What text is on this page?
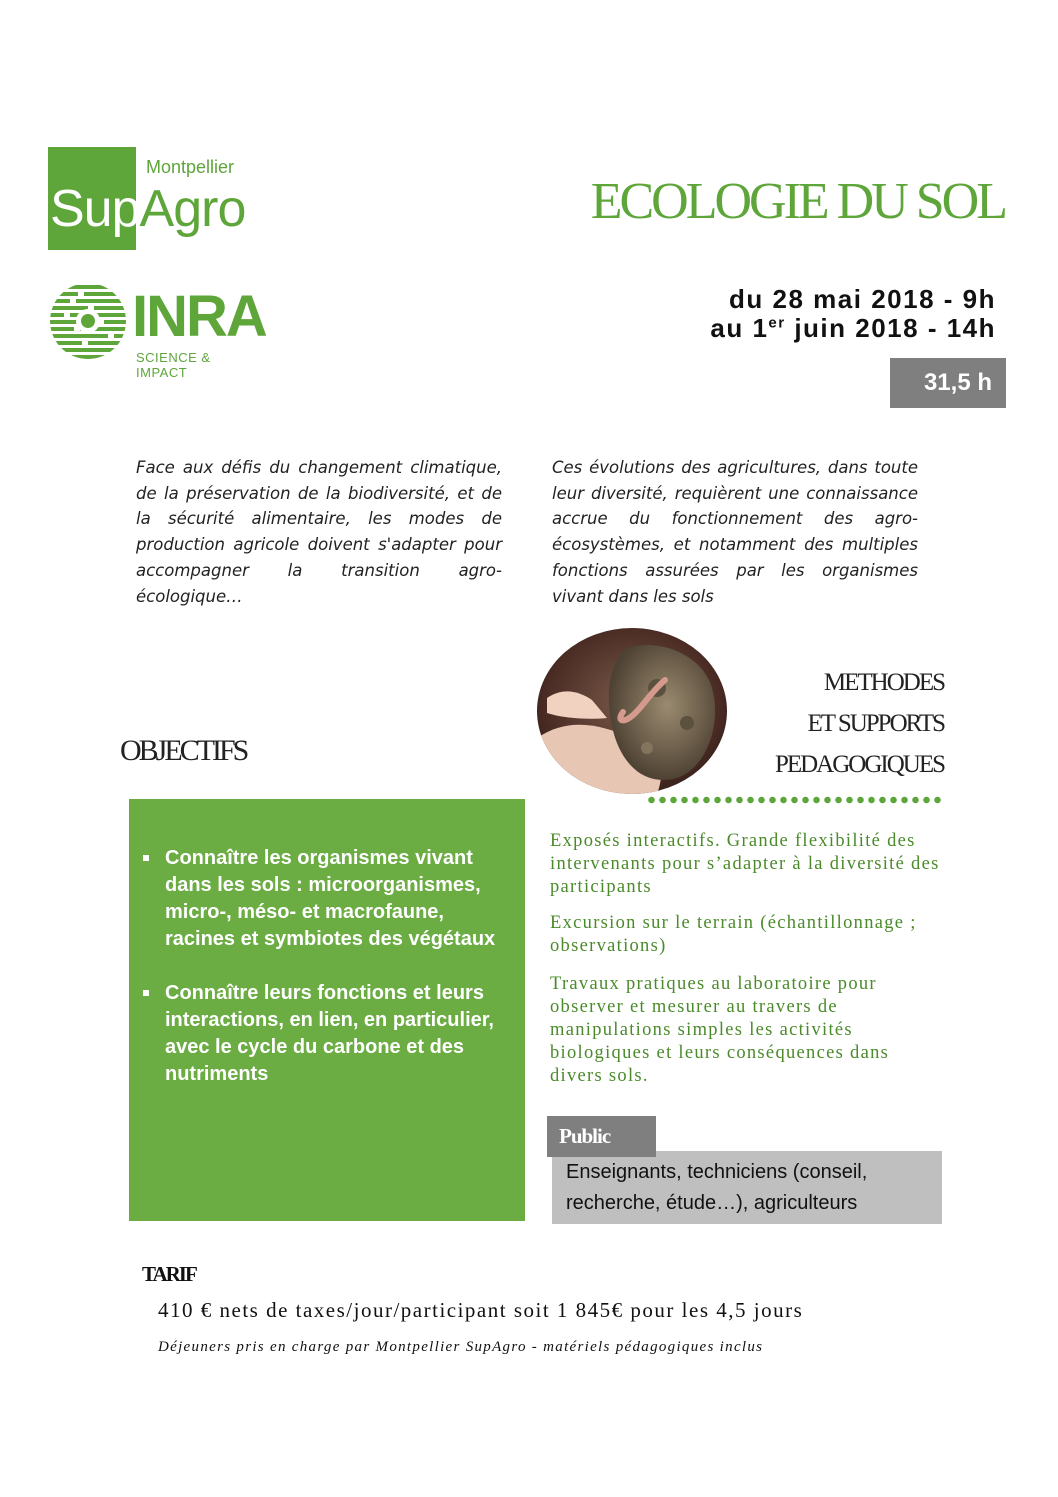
Montpellier
SupAgro
INRA
SCIENCE & IMPACT
ECOLOGIE DU SOL
du 28 mai 2018 - 9h
au 1er juin 2018 - 14h
31,5 h
Face aux défis du changement climatique, de la préservation de la biodiversité, et de la sécurité alimentaire, les modes de production agricole doivent s'adapter pour accompagner la transition agro-écologique…
Ces évolutions des agricultures, dans toute leur diversité, requièrent une connaissance accrue du fonctionnement des agro-écosystèmes, et notamment des multiples fonctions assurées par les organismes vivant dans les sols
METHODES
ET SUPPORTS
PEDAGOGIQUES
OBJECTIFS
Connaître les organismes vivant dans les sols : microorganismes, micro-, méso- et macrofaune, racines et symbiotes des végétaux
Connaître leurs fonctions et leurs interactions, en lien, en particulier, avec le cycle du carbone et des nutriments
Exposés interactifs. Grande flexibilité des intervenants pour s’adapter à la diversité des participants
Excursion sur le terrain (échantillonnage ; observations)
Travaux pratiques au laboratoire pour observer et mesurer au travers de manipulations simples les activités biologiques et leurs conséquences dans divers sols.
Enseignants, techniciens (conseil, recherche, étude…), agriculteurs
Public
TARIF
410 € nets de taxes/jour/participant soit 1 845€ pour les 4,5 jours
Déjeuners pris en charge par Montpellier SupAgro - matériels pédagogiques inclus
